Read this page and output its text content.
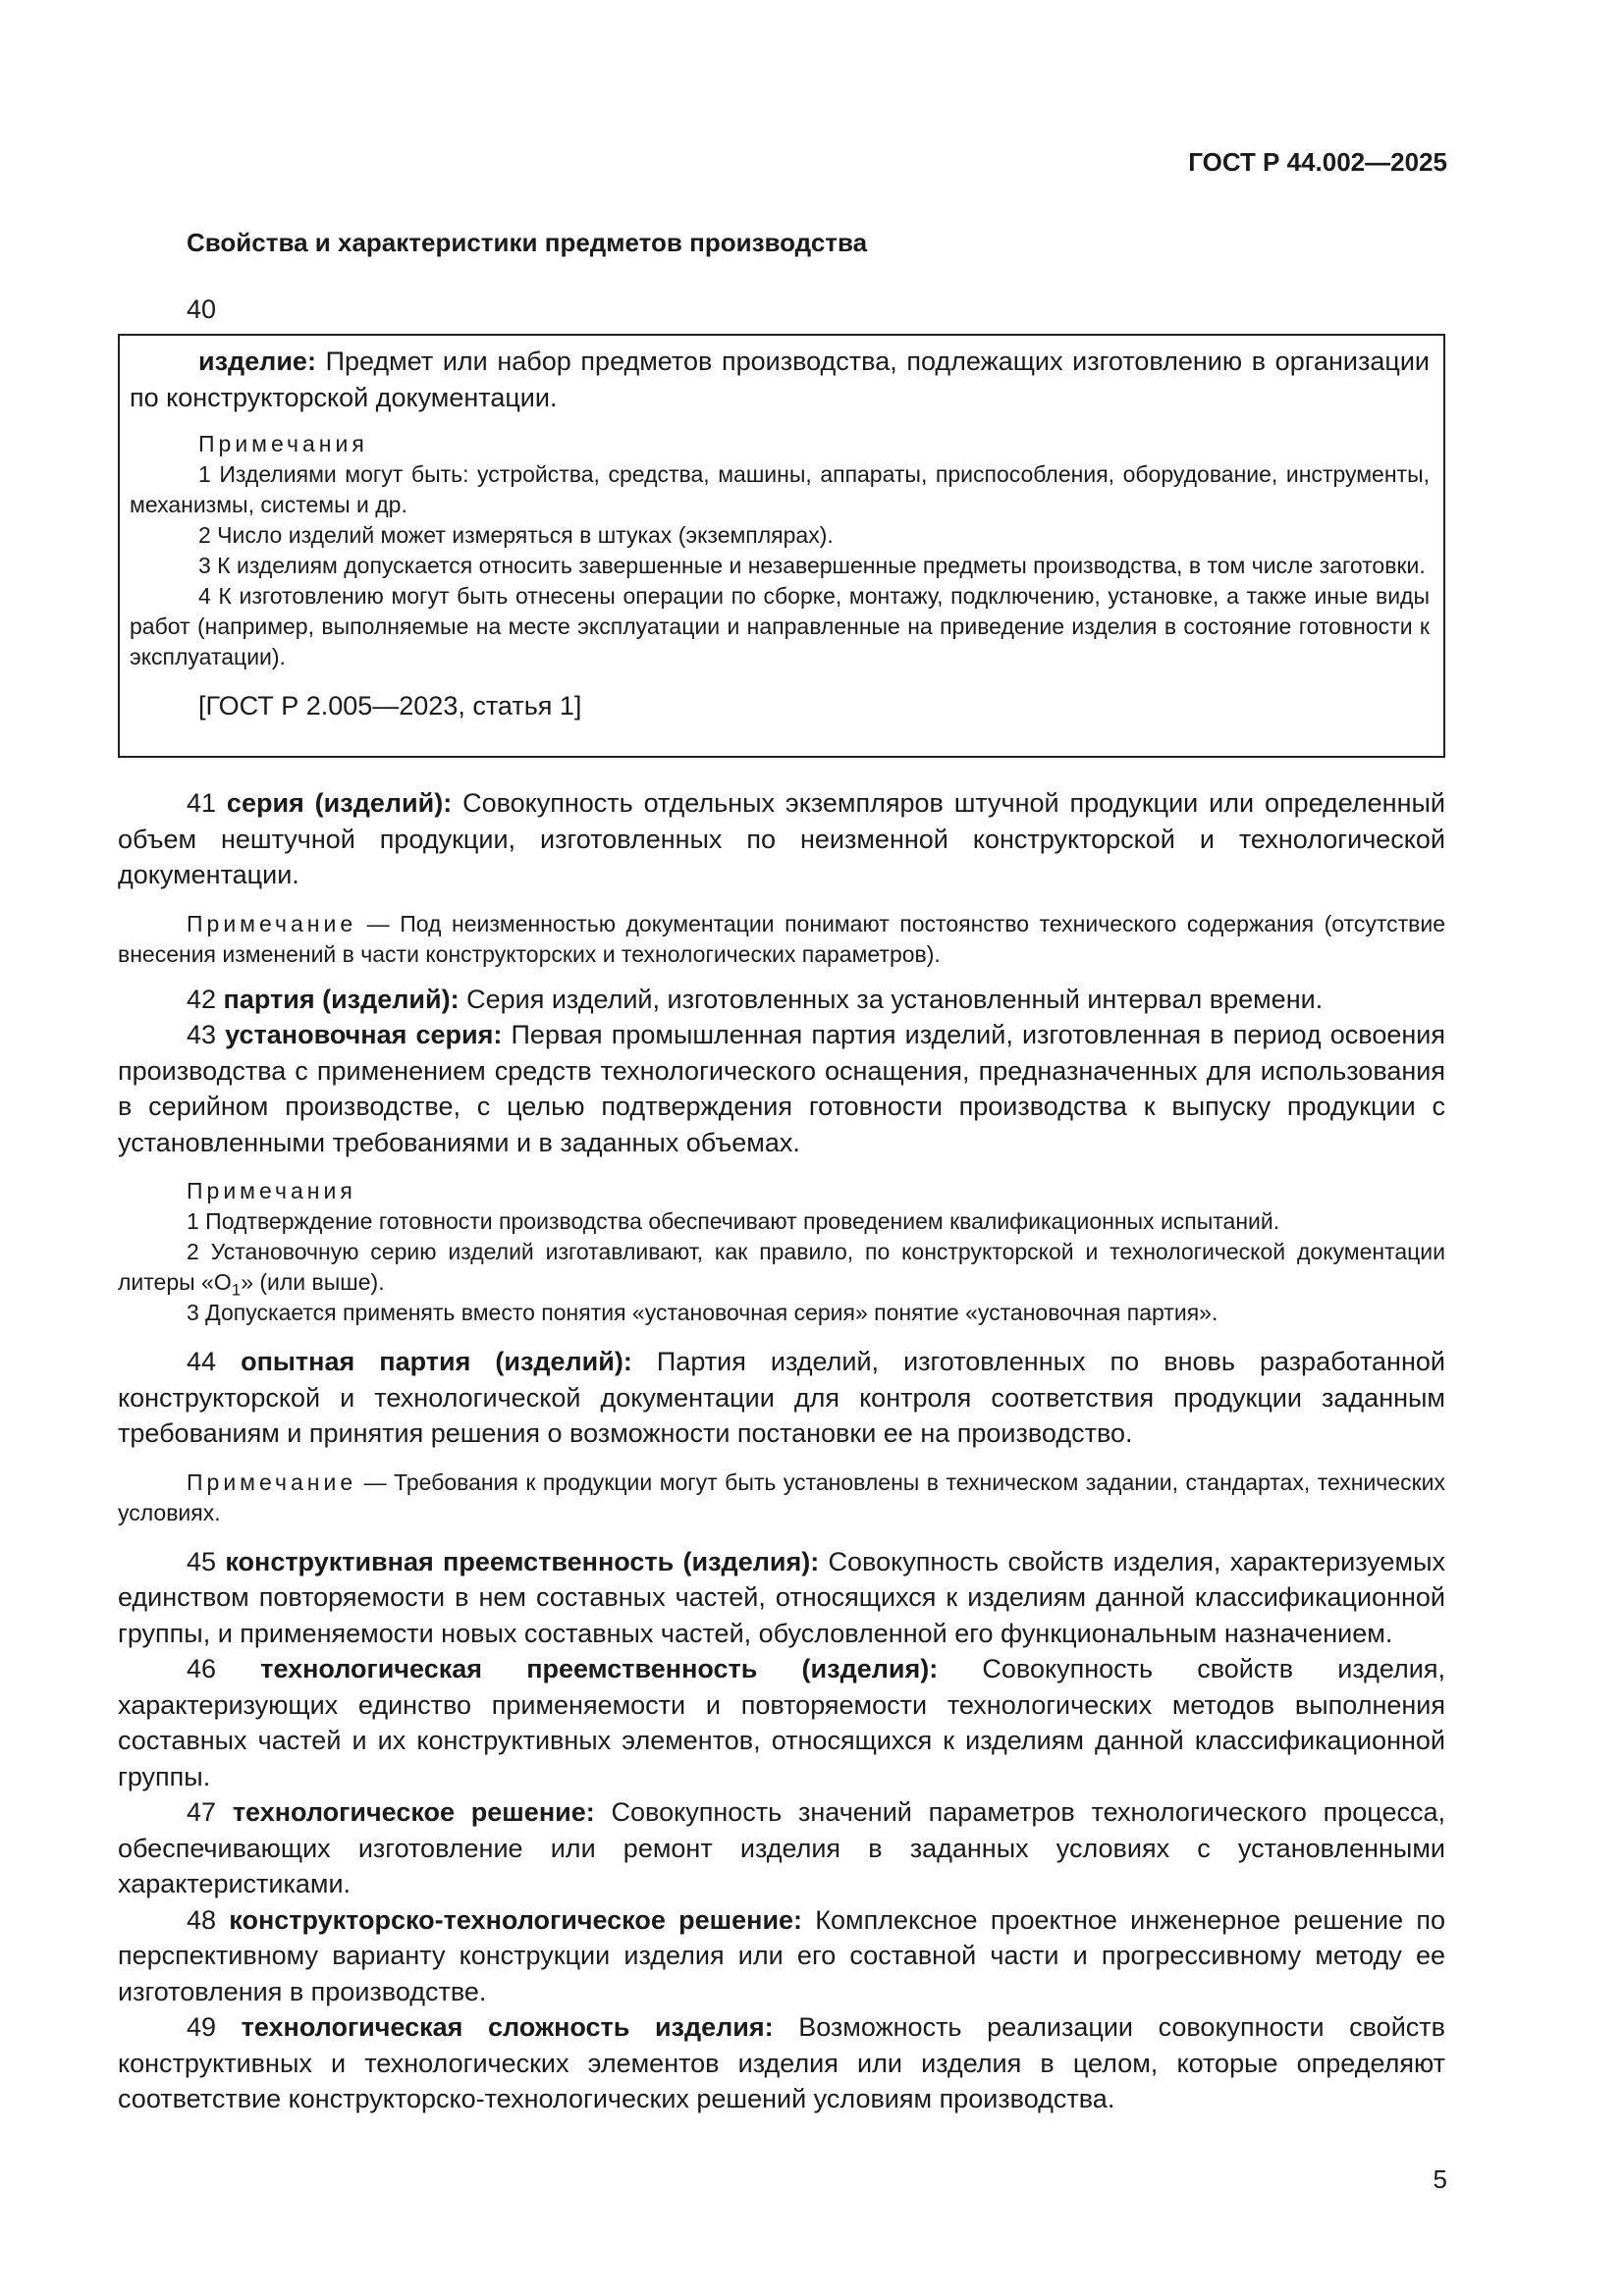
ГОСТ Р 44.002—2025
Свойства и характеристики предметов производства
40

изделие: Предмет или набор предметов производства, подлежащих изготовлению в организации по конструкторской документации.

Примечания

1 Изделиями могут быть: устройства, средства, машины, аппараты, приспособления, оборудование, инструменты, механизмы, системы и др.

2 Число изделий может измеряться в штуках (экземплярах).

3 К изделиям допускается относить завершенные и незавершенные предметы производства, в том числе заготовки.

4 К изготовлению могут быть отнесены операции по сборке, монтажу, подключению, установке, а также иные виды работ (например, выполняемые на месте эксплуатации и направленные на приведение изделия в состояние готовности к эксплуатации).

[ГОСТ Р 2.005—2023, статья 1]

41 серия (изделий): Совокупность отдельных экземпляров штучной продукции или определенный объем нештучной продукции, изготовленных по неизменной конструкторской и технологической документации.

Примечание — Под неизменностью документации понимают постоянство технического содержания (отсутствие внесения изменений в части конструкторских и технологических параметров).

42 партия (изделий): Серия изделий, изготовленных за установленный интервал времени.

43 установочная серия: Первая промышленная партия изделий, изготовленная в период освоения производства с применением средств технологического оснащения, предназначенных для использования в серийном производстве, с целью подтверждения готовности производства к выпуску продукции с установленными требованиями и в заданных объемах.

Примечания

1 Подтверждение готовности производства обеспечивают проведением квалификационных испытаний.

2 Установочную серию изделий изготавливают, как правило, по конструкторской и технологической документации литеры «$О_1$» (или выше).

3 Допускается применять вместо понятия «установочная серия» понятие «установочная партия».

44 опытная партия (изделий): Партия изделий, изготовленных по вновь разработанной конструкторской и технологической документации для контроля соответствия продукции заданным требованиям и принятия решения о возможности постановки ее на производство.

Примечание — Требования к продукции могут быть установлены в техническом задании, стандартах, технических условиях.

45 конструктивная преемственность (изделия): Совокупность свойств изделия, характеризуемых единством повторяемости в нем составных частей, относящихся к изделиям данной классификационной группы, и применяемости новых составных частей, обусловленной его функциональным назначением.

46 технологическая преемственность (изделия): Совокупность свойств изделия, характеризующих единство применяемости и повторяемости технологических методов выполнения составных частей и их конструктивных элементов, относящихся к изделиям данной классификационной группы.

47 технологическое решение: Совокупность значений параметров технологического процесса, обеспечивающих изготовление или ремонт изделия в заданных условиях с установленными характеристиками.

48 конструкторско-технологическое решение: Комплексное проектное инженерное решение по перспективному варианту конструкции изделия или его составной части и прогрессивному методу ее изготовления в производстве.

49 технологическая сложность изделия: Возможность реализации совокупности свойств конструктивных и технологических элементов изделия или изделия в целом, которые определяют соответствие конструкторско-технологических решений условиям производства.

5
